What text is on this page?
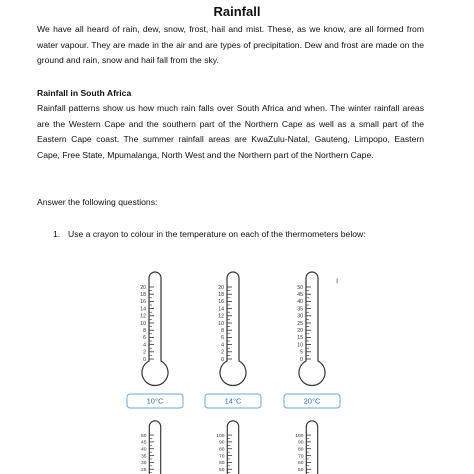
Rainfall
We have all heard of rain, dew, snow, frost, hail and mist. These, as we know, are all formed from water vapour. They are made in the air and are types of precipitation. Dew and frost are made on the ground and rain, snow and hail fall from the sky.
Rainfall in South Africa
Rainfall patterns show us how much rain falls over South Africa and when. The winter rainfall areas are the Western Cape and the southern part of the Northern Cape as well as a small part of the Eastern Cape coast. The summer rainfall areas are KwaZulu-Natal, Gauteng, Limpopo, Eastern Cape, Free State, Mpumalanga, North West and the Northern part of the Northern Cape.
Answer the following questions:
1. Use a crayon to colour in the temperature on each of the thermometers below:
ı
20
18
16
14
12
10
8
6
4
2
0
10°C
20
18
16
14
12
10
8
6
4
2
0
14°C
50
45
40
35
30
25
20
15
10
5
0
20°C
50
45
40
35
30
25
100
90
80
70
60
50
100
90
80
70
60
50
